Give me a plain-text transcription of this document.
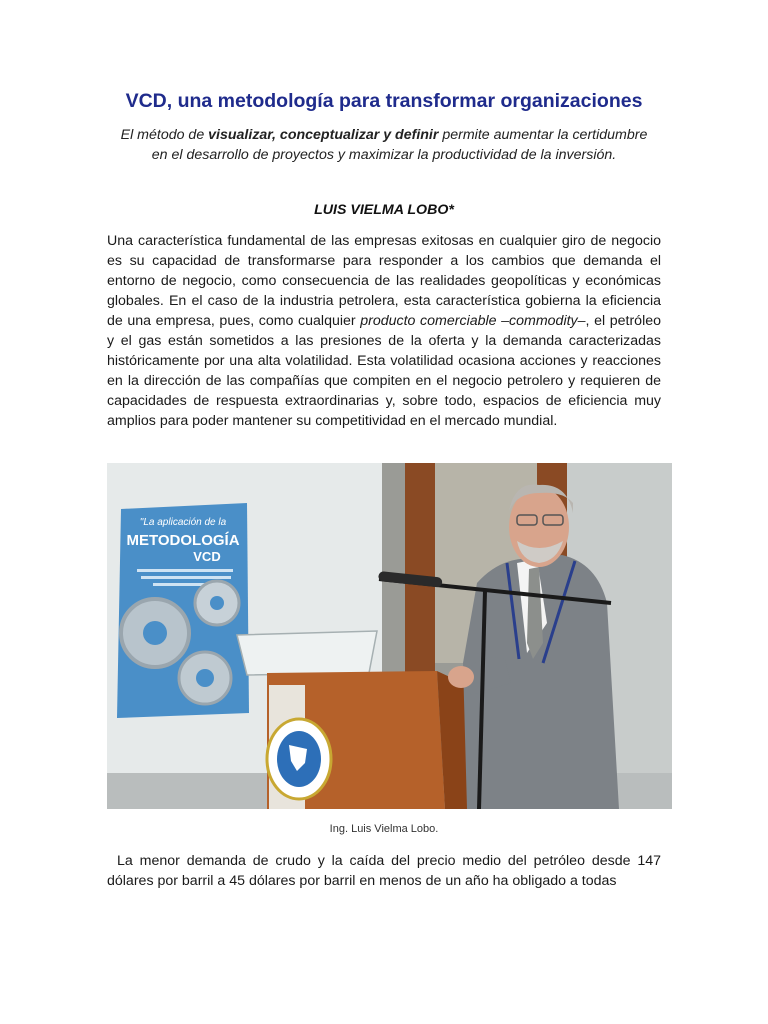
VCD, una metodología para transformar organizaciones

El método de visualizar, conceptualizar y definir permite aumentar la certidumbre en el desarrollo de proyectos y maximizar la productividad de la inversión.

LUIS VIELMA LOBO*

Una característica fundamental de las empresas exitosas en cualquier giro de negocio es su capacidad de transformarse para responder a los cambios que demanda el entorno de negocio, como consecuencia de las realidades geopolíticas y económicas globales. En el caso de la industria petrolera, esta característica gobierna la eficiencia de una empresa, pues, como cualquier producto comerciable –commodity–, el petróleo y el gas están sometidos a las presiones de la oferta y la demanda caracterizadas históricamente por una alta volatilidad. Esta volatilidad ocasiona acciones y reacciones en la dirección de las compañías que compiten en el negocio petrolero y requieren de capacidades de respuesta extraordinarias y, sobre todo, espacios de eficiencia muy amplios para poder mantener su competitividad en el mercado mundial.

"La aplicación de la
METODOLOGÍA
VCD

Ing. Luis Vielma Lobo.

La menor demanda de crudo y la caída del precio medio del petróleo desde 147 dólares por barril a 45 dólares por barril en menos de un año ha obligado a todas
